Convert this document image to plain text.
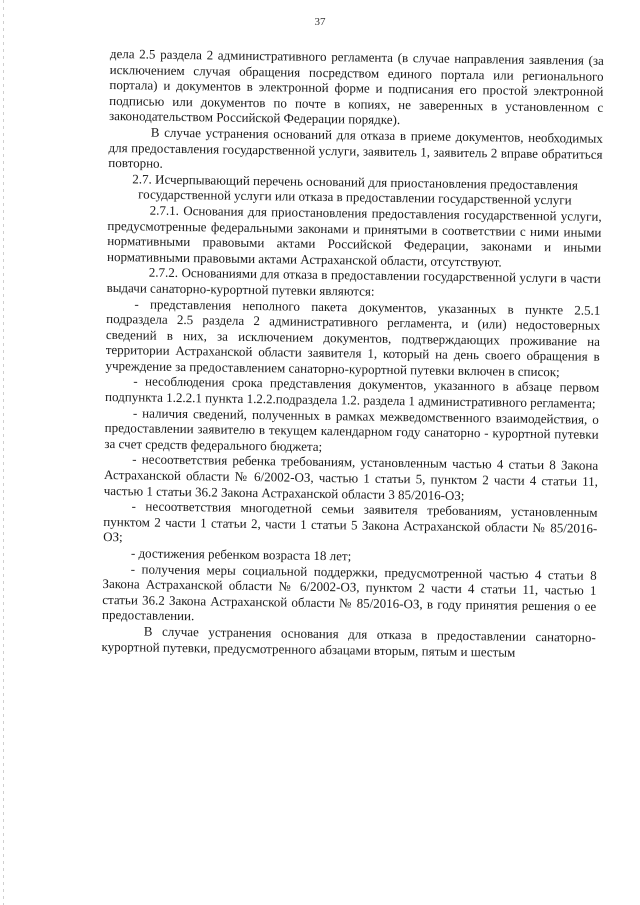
37

дела 2.5 раздела 2 административного регламента (в случае направления заявления (за исключением случая обращения посредством единого портала или регионального портала) и документов в электронной форме и подписания его простой электронной подписью или документов по почте в копиях, не заверенных в установленном с законодательством Российской Федерации порядке).

В случае устранения оснований для отказа в приеме документов, необходимых для предоставления государственной услуги, заявитель 1, заявитель 2 вправе обратиться повторно.

2.7. Исчерпывающий перечень оснований для приостановления предоставления государственной услуги или отказа в предоставлении государственной услуги

2.7.1. Основания для приостановления предоставления государственной услуги, предусмотренные федеральными законами и принятыми в соответствии с ними иными нормативными правовыми актами Российской Федерации, законами и иными нормативными правовыми актами Астраханской области, отсутствуют.

2.7.2. Основаниями для отказа в предоставлении государственной услуги в части выдачи санаторно-курортной путевки являются:

- представления неполного пакета документов, указанных в пункте 2.5.1 подраздела 2.5 раздела 2 административного регламента, и (или) недостоверных сведений в них, за исключением документов, подтверждающих проживание на территории Астраханской области заявителя 1, который на день своего обращения в учреждение за предоставлением санаторно-курортной путевки включен в список;

- несоблюдения срока представления документов, указанного в абзаце первом подпункта 1.2.2.1 пункта 1.2.2.подраздела 1.2. раздела 1 административного регламента;

- наличия сведений, полученных в рамках межведомственного взаимодействия, о предоставлении заявителю в текущем календарном году санаторно - курортной путевки за счет средств федерального бюджета;

- несоответствия ребенка требованиям, установленным частью 4 статьи 8 Закона Астраханской области № 6/2002-ОЗ, частью 1 статьи 5, пунктом 2 части 4 статьи 11, частью 1 статьи 36.2 Закона Астраханской области 3 85/2016-ОЗ;

- несоответствия многодетной семьи заявителя требованиям, установленным пунктом 2 части 1 статьи 2, части 1 статьи 5 Закона Астраханской области № 85/2016-ОЗ;

- достижения ребенком возраста 18 лет;

- получения меры социальной поддержки, предусмотренной частью 4 статьи 8 Закона Астраханской области № 6/2002-ОЗ, пунктом 2 части 4 статьи 11, частью 1 статьи 36.2 Закона Астраханской области № 85/2016-ОЗ, в году принятия решения о ее предоставлении.

В случае устранения основания для отказа в предоставлении санаторно-курортной путевки, предусмотренного абзацами вторым, пятым и шестым
